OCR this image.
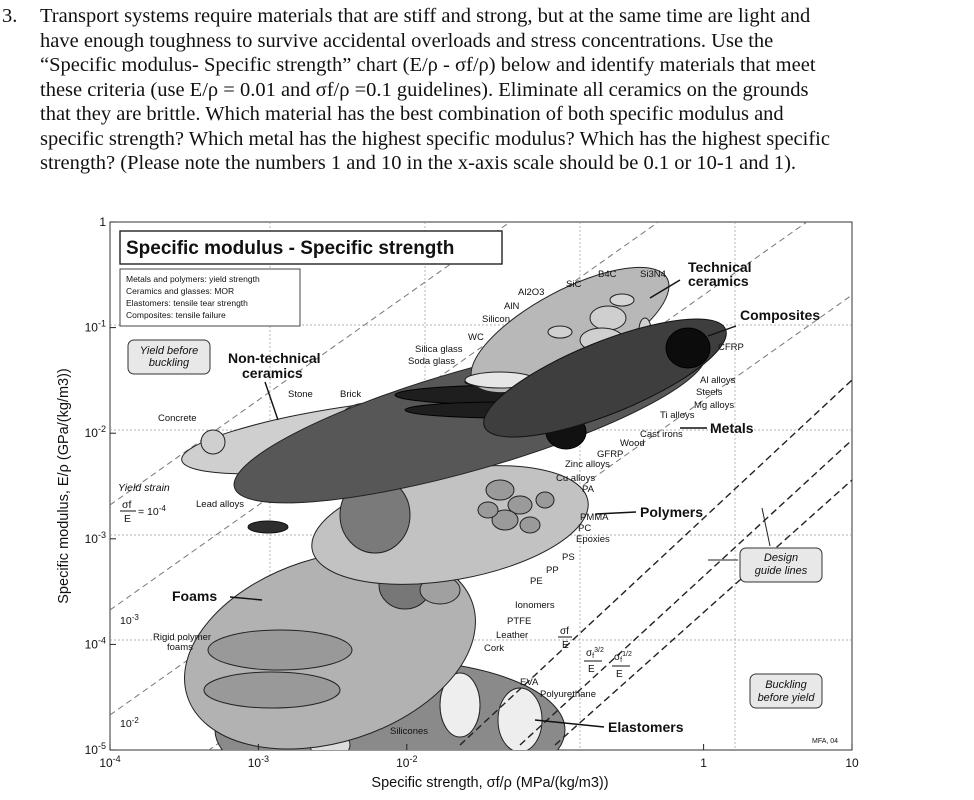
3. Transport systems require materials that are stiff and strong, but at the same time are light and

have enough toughness to survive accidental overloads and stress concentrations. Use the

“Specific modulus- Specific strength” chart (E/ρ - σf/ρ) below and identify materials that meet

these criteria (use E/ρ = 0.01 and σf/ρ =0.1 guidelines). Eliminate all ceramics on the grounds

that they are brittle. Which material has the best combination of both specific modulus and

specific strength? Which metal has the highest specific modulus? Which has the highest specific

strength? (Please note the numbers 1 and 10 in the x-axis scale should be 0.1 or 10-1 and 1).

Specific modulus - Specific strength
Metals and polymers: yield strength
Ceramics and glasses: MOR
Elastomers: tensile tear strength
Composites: tensile failure
Yield before buckling
Design guide lines
Buckling before yield
Technical ceramics
Composites
Metals
Non-technical ceramics
Polymers
Foams
Elastomers
Al2O3
SiC
B4C Si3N4
AlN
Silicon
WC
CFRP
GFRP
Al alloys
Steels
Mg alloys
Ti alloys
Cast irons
Zinc alloys
Cu alloys
Lead alloys
Stone	Brick
Concrete
Silica glass
Soda glass
PA
PMMA
PC
Epoxies
PS
PP
PE
Ionomers
PTFE
Leather
Wood
Rigid polymer foams	Cork
EVA
Polyurethane
Silicones
Yield strain
σf
E
= $10^{-4}$
$10^{-3}$
$10^{-2}$
σf
E
$\sigma_f^{3/2}$
E
$\sigma_f^{1/2}$
E
MFA, 04
1
$10^{-1}$
$10^{-2}$
$10^{-3}$
$10^{-4}$
$10^{-5}$
$10^{-4}$	$10^{-3}$	$10^{-2}$	1	10
Specific modulus, E/ρ (GPa/(kg/m3))
Specific strength, σf/ρ (MPa/(kg/m3))
